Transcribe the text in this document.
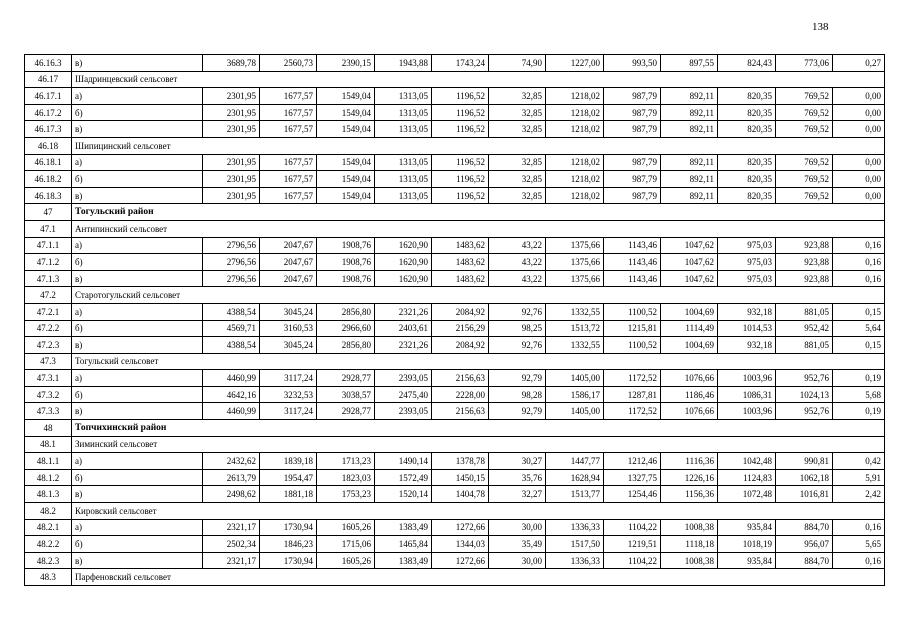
138
46.16.3	в)	3689,78	2560,73	2390,15	1943,88	1743,24	74,90	1227,00	993,50	897,55	824,43	773,06	0,27
46.17	Шадринцевский сельсовет												
46.17.1	а)	2301,95	1677,57	1549,04	1313,05	1196,52	32,85	1218,02	987,79	892,11	820,35	769,52	0,00
46.17.2	б)	2301,95	1677,57	1549,04	1313,05	1196,52	32,85	1218,02	987,79	892,11	820,35	769,52	0,00
46.17.3	в)	2301,95	1677,57	1549,04	1313,05	1196,52	32,85	1218,02	987,79	892,11	820,35	769,52	0,00
46.18	Шипицинский сельсовет												
46.18.1	а)	2301,95	1677,57	1549,04	1313,05	1196,52	32,85	1218,02	987,79	892,11	820,35	769,52	0,00
46.18.2	б)	2301,95	1677,57	1549,04	1313,05	1196,52	32,85	1218,02	987,79	892,11	820,35	769,52	0,00
46.18.3	в)	2301,95	1677,57	1549,04	1313,05	1196,52	32,85	1218,02	987,79	892,11	820,35	769,52	0,00
47	Тогульский район												
47.1	Антипинский сельсовет												
47.1.1	а)	2796,56	2047,67	1908,76	1620,90	1483,62	43,22	1375,66	1143,46	1047,62	975,03	923,88	0,16
47.1.2	б)	2796,56	2047,67	1908,76	1620,90	1483,62	43,22	1375,66	1143,46	1047,62	975,03	923,88	0,16
47.1.3	в)	2796,56	2047,67	1908,76	1620,90	1483,62	43,22	1375,66	1143,46	1047,62	975,03	923,88	0,16
47.2	Старотогульский сельсовет												
47.2.1	а)	4388,54	3045,24	2856,80	2321,26	2084,92	92,76	1332,55	1100,52	1004,69	932,18	881,05	0,15
47.2.2	б)	4569,71	3160,53	2966,60	2403,61	2156,29	98,25	1513,72	1215,81	1114,49	1014,53	952,42	5,64
47.2.3	в)	4388,54	3045,24	2856,80	2321,26	2084,92	92,76	1332,55	1100,52	1004,69	932,18	881,05	0,15
47.3	Тогульский сельсовет												
47.3.1	а)	4460,99	3117,24	2928,77	2393,05	2156,63	92,79	1405,00	1172,52	1076,66	1003,96	952,76	0,19
47.3.2	б)	4642,16	3232,53	3038,57	2475,40	2228,00	98,28	1586,17	1287,81	1186,46	1086,31	1024,13	5,68
47.3.3	в)	4460,99	3117,24	2928,77	2393,05	2156,63	92,79	1405,00	1172,52	1076,66	1003,96	952,76	0,19
48	Топчихинский район												
48.1	Зиминский сельсовет												
48.1.1	а)	2432,62	1839,18	1713,23	1490,14	1378,78	30,27	1447,77	1212,46	1116,36	1042,48	990,81	0,42
48.1.2	б)	2613,79	1954,47	1823,03	1572,49	1450,15	35,76	1628,94	1327,75	1226,16	1124,83	1062,18	5,91
48.1.3	в)	2498,62	1881,18	1753,23	1520,14	1404,78	32,27	1513,77	1254,46	1156,36	1072,48	1016,81	2,42
48.2	Кировский сельсовет												
48.2.1	а)	2321,17	1730,94	1605,26	1383,49	1272,66	30,00	1336,33	1104,22	1008,38	935,84	884,70	0,16
48.2.2	б)	2502,34	1846,23	1715,06	1465,84	1344,03	35,49	1517,50	1219,51	1118,18	1018,19	956,07	5,65
48.2.3	в)	2321,17	1730,94	1605,26	1383,49	1272,66	30,00	1336,33	1104,22	1008,38	935,84	884,70	0,16
48.3	Парфеновский сельсовет												
